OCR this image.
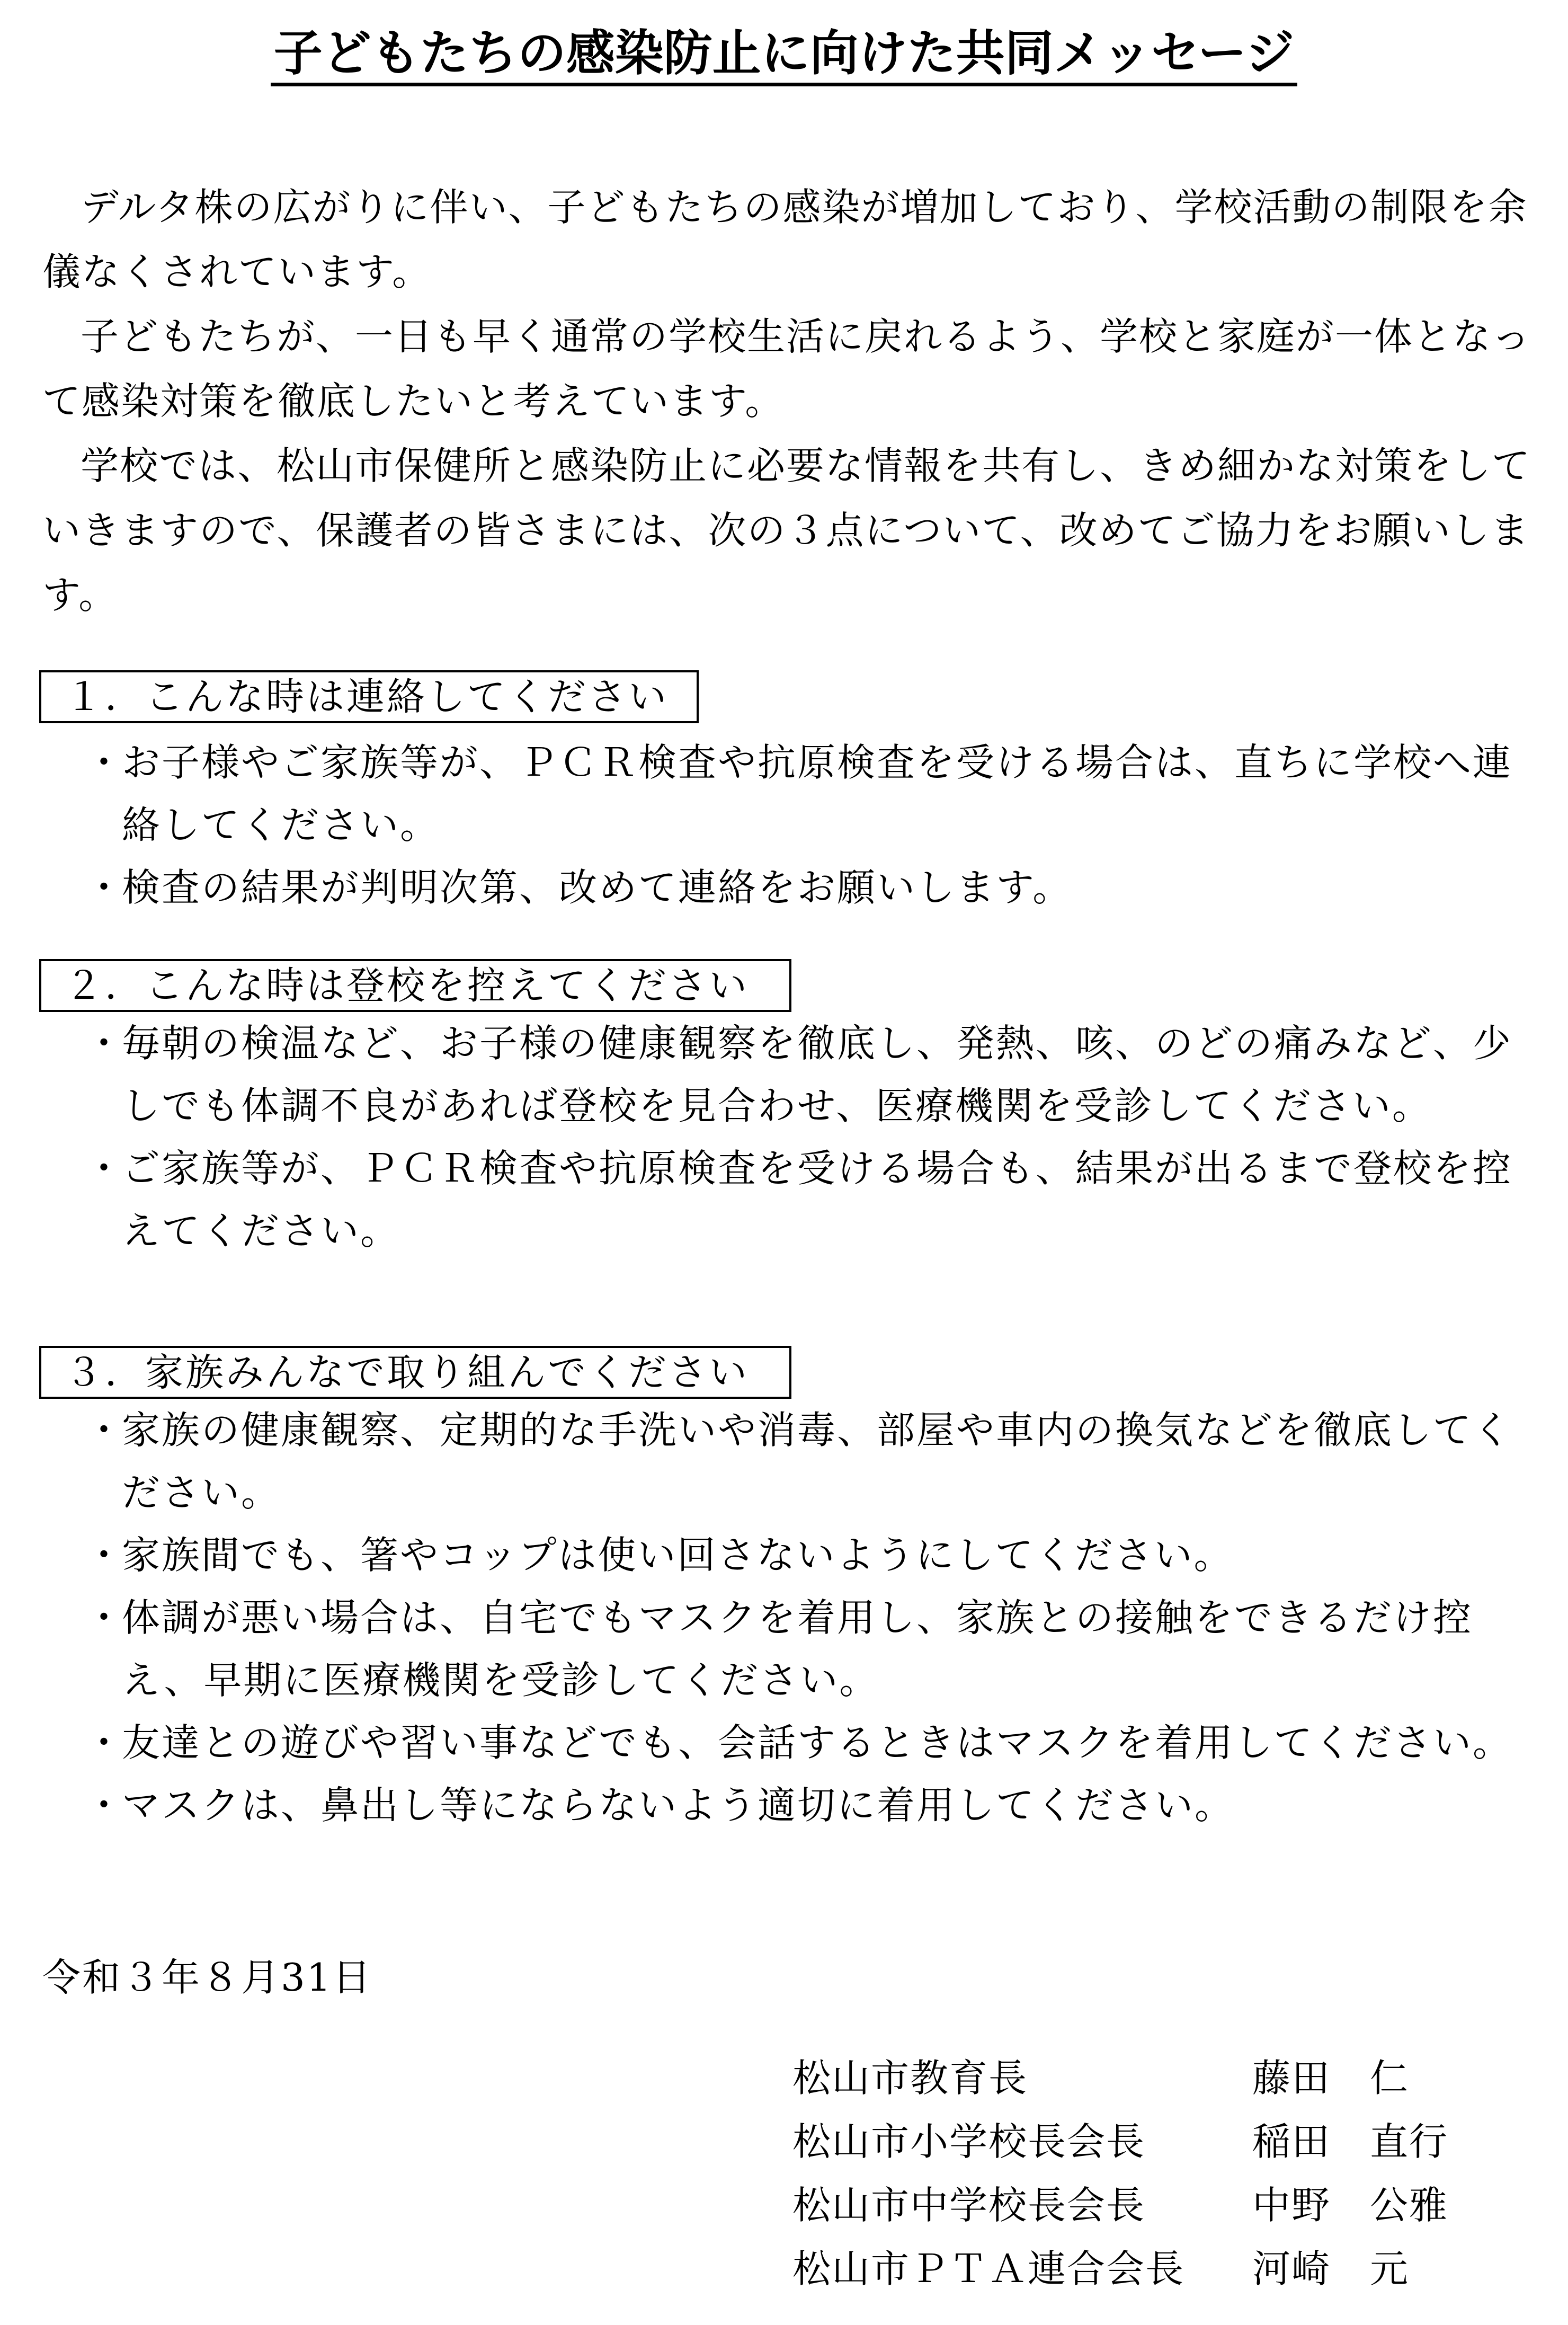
子どもたちの感染防止に向けた共同メッセージ

デルタ株の広がりに伴い、子どもたちの感染が増加しており、学校活動の制限を余儀なくされています。

子どもたちが、一日も早く通常の学校生活に戻れるよう、学校と家庭が一体となって感染対策を徹底したいと考えています。

学校では、松山市保健所と感染防止に必要な情報を共有し、きめ細かな対策をしていきますので、保護者の皆さまには、次の３点について、改めてご協力をお願いします。

１．こんな時は連絡してください
・
お子様やご家族等が、ＰＣＲ検査や抗原検査を受ける場合は、直ちに学校へ連絡してください。
・
検査の結果が判明次第、改めて連絡をお願いします。
２．こんな時は登校を控えてください
・
毎朝の検温など、お子様の健康観察を徹底し、発熱、咳、のどの痛みなど、少しでも体調不良があれば登校を見合わせ、医療機関を受診してください。
・
ご家族等が、ＰＣＲ検査や抗原検査を受ける場合も、結果が出るまで登校を控えてください。
３．家族みんなで取り組んでください
・
家族の健康観察、定期的な手洗いや消毒、部屋や車内の換気などを徹底してください。
・
家族間でも、箸やコップは使い回さないようにしてください。
・
体調が悪い場合は、自宅でもマスクを着用し、家族との接触をできるだけ控え、早期に医療機関を受診してください。
・
友達との遊びや習い事などでも、会話するときはマスクを着用してください。
・
マスクは、鼻出し等にならないよう適切に着用してください。
令和３年８月31日
松山市教育長	藤田　仁
松山市小学校長会長	稲田　直行
松山市中学校長会長	中野　公雅
松山市ＰＴＡ連合会長	河崎　元
